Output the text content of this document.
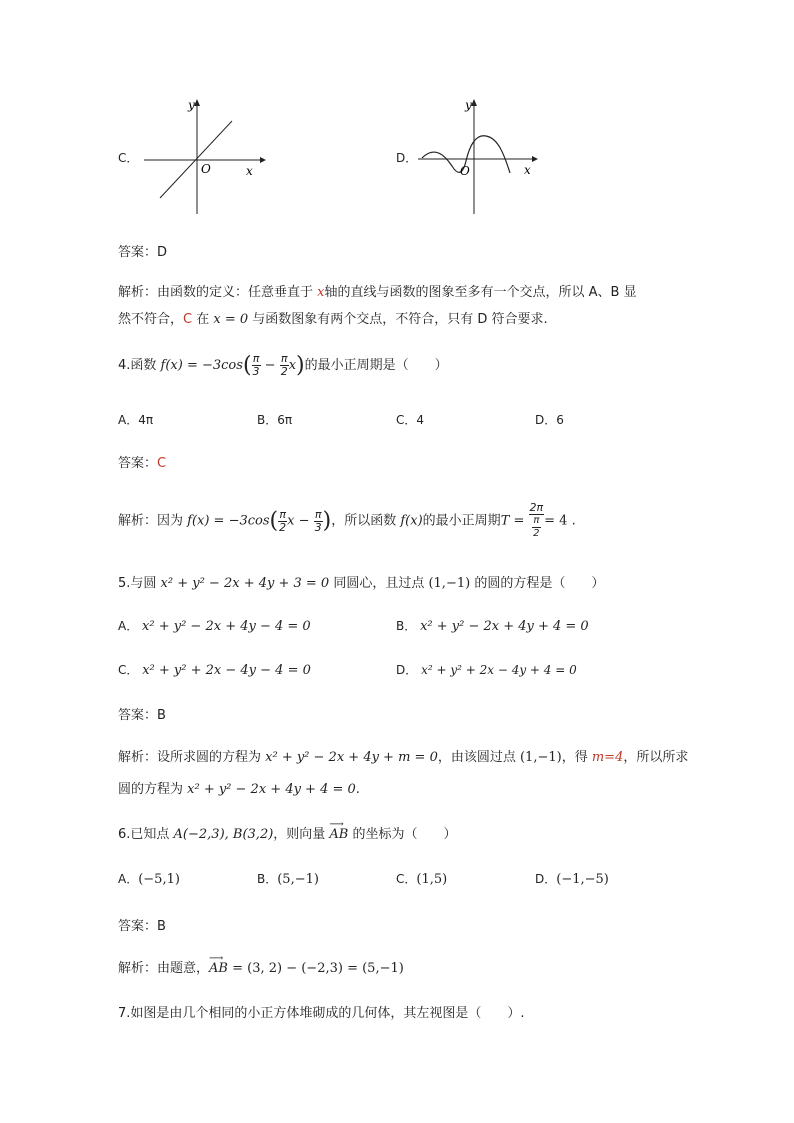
C．
y
x
O
D．
y
x
O
答案：D
解析：由函数的定义：任意垂直于 x轴的直线与函数的图象至多有一个交点，所以 A、B 显
然不符合，C 在 x = 0 与函数图象有两个交点，不符合，只有 D 符合要求.
4.函数 $f(x) = -3\cos( \frac{\pi}{3} - \frac{\pi}{2} x)$的最小正周期是（　　）
A．4π	B．6π	C．4	D．6
答案：C
解析：因为 $f(x) = -3\cos( \frac{\pi}{2}$ $x - \frac{\pi}{3}$ )，所以函数 f(x)的最小正周期$T = \frac{2\pi}{\frac{\pi}{2}} = 4$ .
5.与圆 x² + y² − 2x + 4y + 3 = 0 同圆心，且过点 (1,−1) 的圆的方程是（　　）
A． x² + y² − 2x + 4y − 4 = 0	B． x² + y² − 2x + 4y + 4 = 0
C． x² + y² + 2x − 4y − 4 = 0	D． x² + y² + 2x − 4y + 4 = 0
答案：B
解析：设所求圆的方程为 x² + y² − 2x + 4y + m = 0，由该圆过点 (1,−1)，得 m=4，所以所求
圆的方程为 x² + y² − 2x + 4y + 4 = 0.
6.已知点 A(−2,3), B(3,2)，则向量
⟶
AB 的坐标为（　　）
A．(−5,1)	B．(5,−1)	C．(1,5)	D．(−1,−5)
答案：B
解析：由题意，
⟶
AB = (3, 2) − (−2,3) = (5,−1)
7.如图是由几个相同的小正方体堆砌成的几何体，其左视图是（　　）.
